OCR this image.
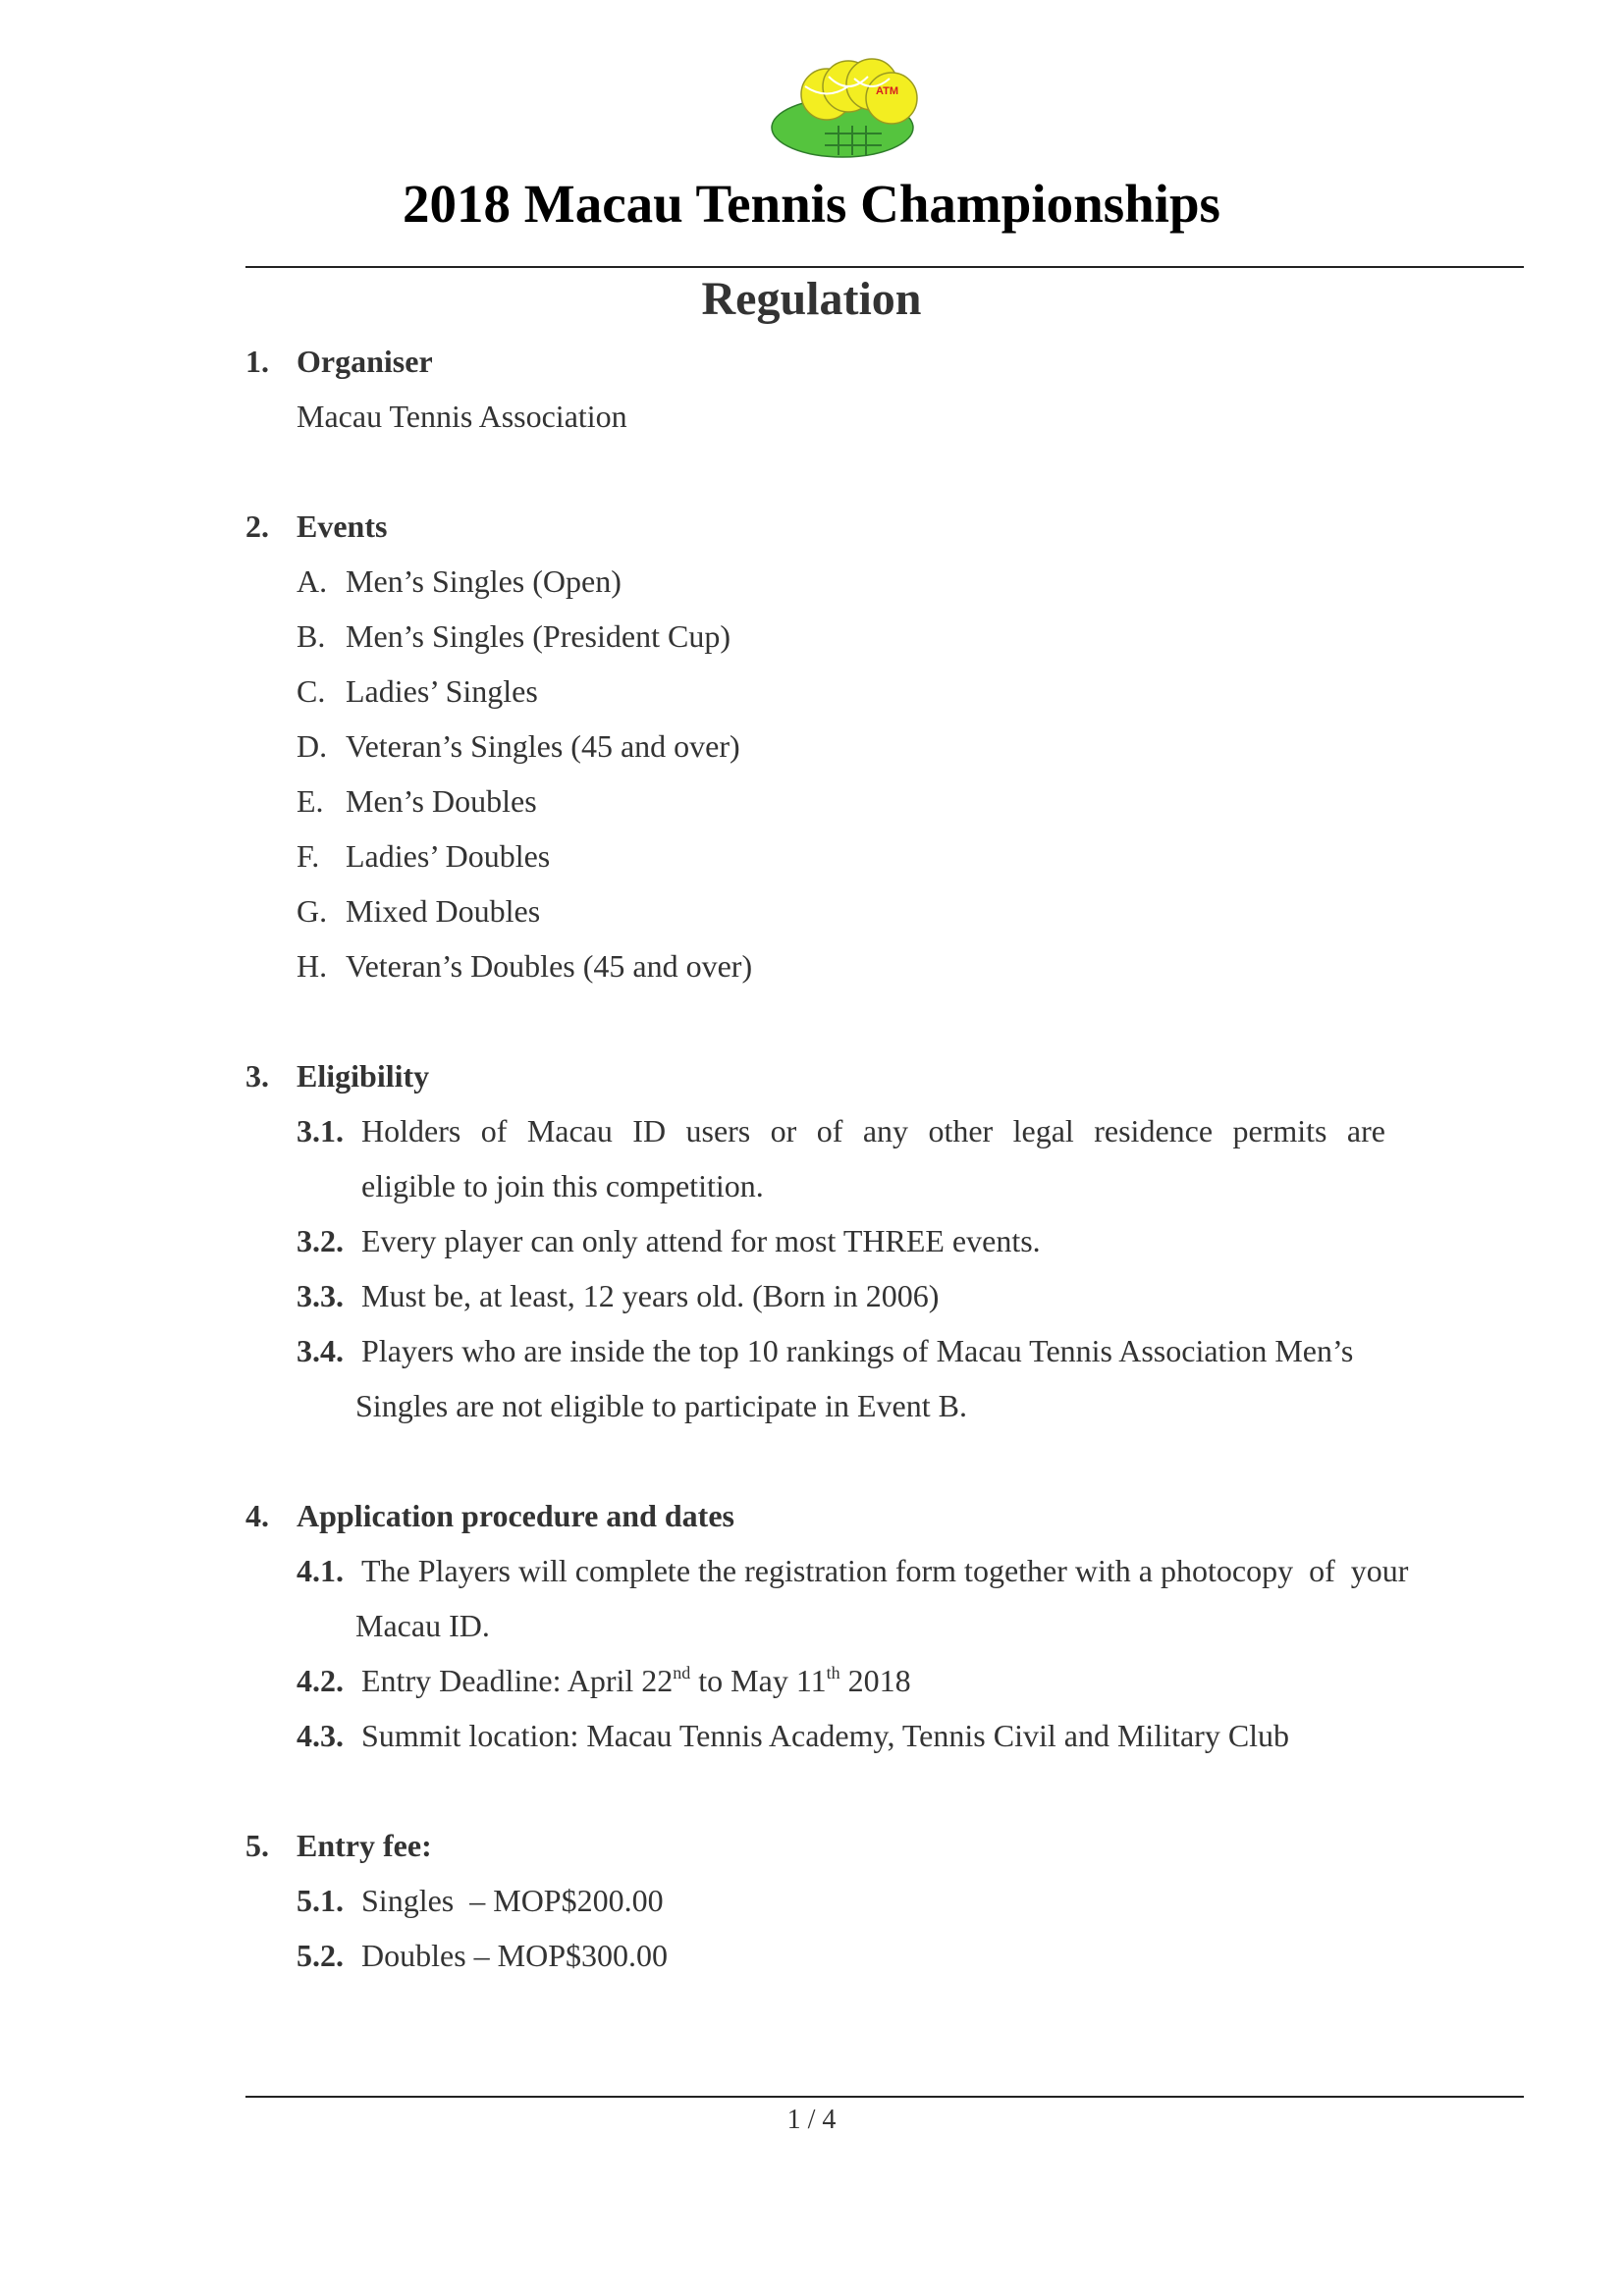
ATM
2018 Macau Tennis Championships
Regulation
1. Organiser
Macau Tennis Association
2. Events
A. Men’s Singles (Open)
B. Men’s Singles (President Cup)
C. Ladies’ Singles
D. Veteran’s Singles (45 and over)
E. Men’s Doubles
F. Ladies’ Doubles
G. Mixed Doubles
H. Veteran’s Doubles (45 and over)
3. Eligibility
3.1. Holders of Macau ID users or of any other legal residence permits are
eligible to join this competition.
3.2. Every player can only attend for most THREE events.
3.3. Must be, at least, 12 years old. (Born in 2006)
3.4. Players who are inside the top 10 rankings of Macau Tennis Association Men’s
Singles are not eligible to participate in Event B.
4. Application procedure and dates
4.1. The Players will complete the registration form together with a photocopy  of  your
Macau ID.
4.2. Entry Deadline: April 22nd to May 11th 2018
4.3. Summit location: Macau Tennis Academy, Tennis Civil and Military Club
5. Entry fee:
5.1. Singles  – MOP$200.00
5.2. Doubles – MOP$300.00
1 / 4
